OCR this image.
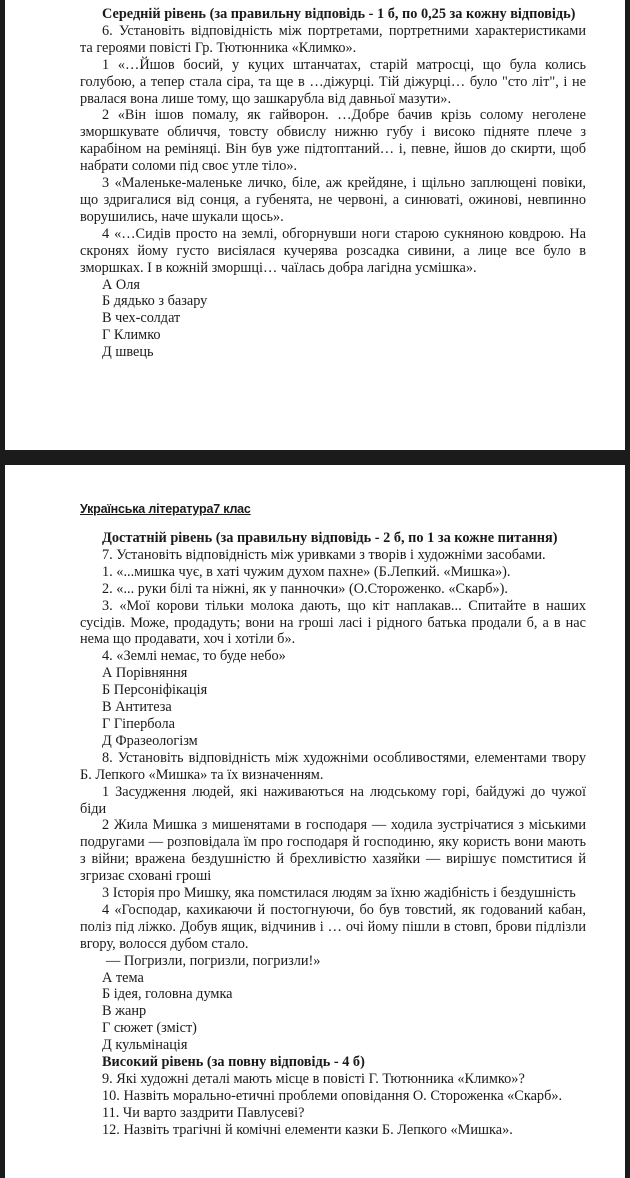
Середній рівень (за правильну відповідь - 1 б, по 0,25 за кожну відповідь)

6. Установіть відповідність між портретами, портретними характеристиками та героями повісті Гр. Тютюнника «Климко».

1 «…Йшов босий, у куцих штанчатах, старій матросці, що була колись голубою, а тепер стала сіра, та ще в …діжурці. Тій діжурці… було "сто літ", і не рвалася вона лише тому, що зашкарубла від давньої мазути».

2 «Він ішов помалу, як гайворон. …Добре бачив крізь солому неголене зморшкувате обличчя, товсту обвислу нижню губу і високо підняте плече з карабіном на реміняці. Він був уже підтоптаний… і, певне, йшов до скирти, щоб набрати соломи під своє утле тіло».

3 «Маленьке-маленьке личко, біле, аж крейдяне, і щільно заплющені повіки, що здригалися від сонця, а губенята, не червоні, а синюваті, ожинові, невпинно ворушились, наче шукали щось».

4 «…Сидів просто на землі, обгорнувши ноги старою сукняною ковдрою. На скронях йому густо висіялася кучерява розсадка сивини, а лице все було в зморшках. І в кожній зморшці… чаїлась добра лагідна усмішка».

А Оля

Б дядько з базару

В чех-солдат

Г Климко

Д швець

Українська література7 клас

Достатній рівень (за правильну відповідь - 2 б, по 1 за кожне питання)

7. Установіть відповідність між уривками з творів і художніми засобами.

1. «...мишка чує, в хаті чужим духом пахне» (Б.Лепкий. «Мишка»).

2. «... руки білі та ніжні, як у панночки» (О.Стороженко. «Скарб»).

3. «Мої корови тільки молока дають, що кіт наплакав... Спитайте в наших сусідів. Може, продадуть; вони на гроші ласі і рідного батька продали б, а в нас нема що продавати, хоч і хотіли б».

4. «Землі немає, то буде небо»

А Порівняння

Б Персоніфікація

В Антитеза

Г Гіпербола

Д Фразеологізм

8. Установіть відповідність між художніми особливостями, елементами твору Б. Лепкого «Мишка» та їх визначенням.

1 Засудження людей, які наживаються на людському горі, байдужі до чужої біди

2 Жила Мишка з мишенятами в господаря — ходила зустрічатися з міськими подругами — розповідала їм про господаря й господиню, яку користь вони мають з війни; вражена бездушністю й брехливістю хазяйки — вирішує помститися й згризає сховані гроші

3 Історія про Мишку, яка помстилася людям за їхню жадібність і бездушність

4 «Господар, кахикаючи й постогнуючи, бо був товстий, як годований кабан, поліз під ліжко. Добув ящик, відчинив і … очі йому пішли в стовп, брови підлізли вгору, волосся дубом стало.

— Погризли, погризли, погризли!»

А тема

Б ідея, головна думка

В жанр

Г сюжет (зміст)

Д кульмінація

Високий рівень (за повну відповідь - 4 б)

9. Які художні деталі мають місце в повісті Г. Тютюнника «Климко»?

10. Назвіть морально-етичні проблеми оповідання О. Стороженка «Скарб».

11. Чи варто заздрити Павлусеві?

12. Назвіть трагічні й комічні елементи казки Б. Лепкого «Мишка».
